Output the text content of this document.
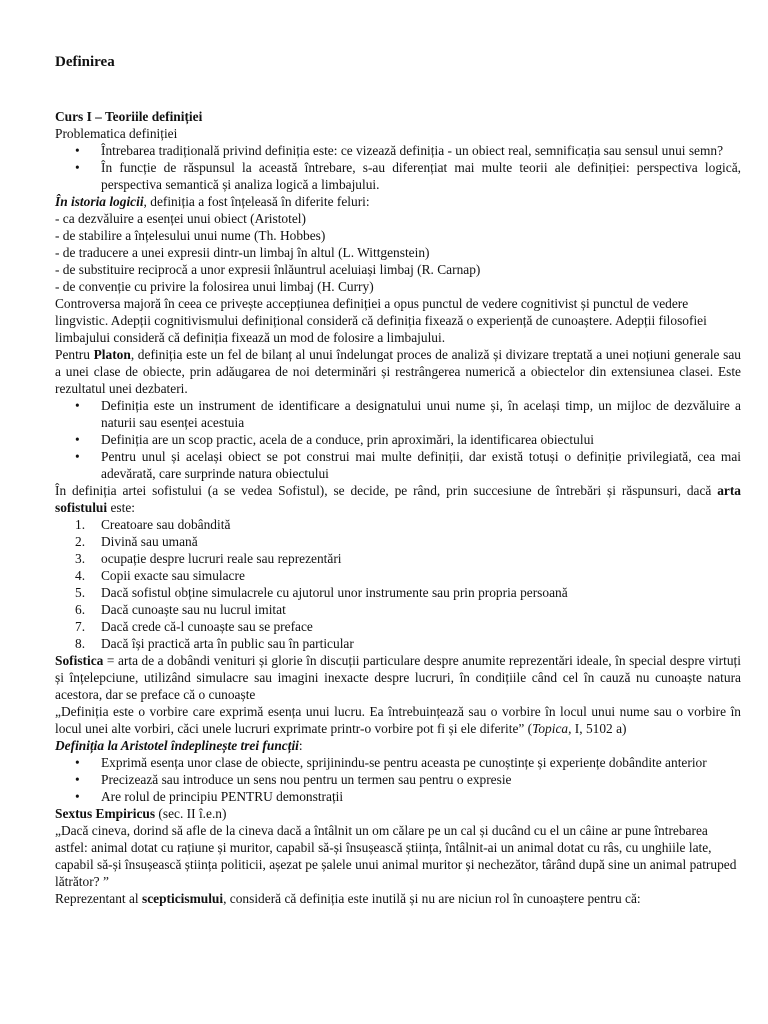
Definirea

Curs I – Teoriile definiției

Problematica definiției

• Întrebarea tradițională privind definiția este: ce vizează definiția - un obiect real, semnificația sau sensul unui semn?
• În funcție de răspunsul la această întrebare, s-au diferențiat mai multe teorii ale definiției: perspectiva logică, perspectiva semantică și analiza logică a limbajului.

În istoria logicii, definiția a fost înțeleasă în diferite feluri:

- ca dezvăluire a esenței unui obiect (Aristotel)

- de stabilire a înțelesului unui nume (Th. Hobbes)

- de traducere a unei expresii dintr-un limbaj în altul (L. Wittgenstein)

- de substituire reciprocă a unor expresii înlăuntrul aceluiași limbaj (R. Carnap)

- de convenție cu privire la folosirea unui limbaj (H. Curry)

Controversa majoră în ceea ce privește accepțiunea definiției a opus punctul de vedere cognitivist și punctul de vedere lingvistic. Adepții cognitivismului definițional consideră că definiția fixează o experiență de cunoaștere. Adepții filosofiei limbajului consideră că definiția fixează un mod de folosire a limbajului.

Pentru Platon, definiția este un fel de bilanț al unui îndelungat proces de analiză și divizare treptată a unei noțiuni generale sau a unei clase de obiecte, prin adăugarea de noi determinări și restrângerea numerică a obiectelor din extensiunea clasei. Este rezultatul unei dezbateri.

• Definiția este un instrument de identificare a designatului unui nume și, în același timp, un mijloc de dezvăluire a naturii sau esenței acestuia
• Definiția are un scop practic, acela de a conduce, prin aproximări, la identificarea obiectului
• Pentru unul și același obiect se pot construi mai multe definiții, dar există totuși o definiție privilegiată, cea mai adevărată, care surprinde natura obiectului

În definiția artei sofistului (a se vedea Sofistul), se decide, pe rând, prin succesiune de întrebări și răspunsuri, dacă arta sofistului este:

1.	Creatoare sau dobândită
2.	Divină sau umană
3.	ocupație despre lucruri reale sau reprezentări
4.	Copii exacte sau simulacre
5.	Dacă sofistul obține simulacrele cu ajutorul unor instrumente sau prin propria persoană
6.	Dacă cunoaște sau nu lucrul imitat
7.	Dacă crede că-l cunoaște sau se preface
8.	Dacă își practică arta în public sau în particular

Sofistica = arta de a dobândi venituri și glorie în discuții particulare despre anumite reprezentări ideale, în special despre virtuți și înțelepciune, utilizând simulacre sau imagini inexacte despre lucruri, în condițiile când cel în cauză nu cunoaște natura acestora, dar se preface că o cunoaște

„Definiția este o vorbire care exprimă esența unui lucru. Ea întrebuințează sau o vorbire în locul unui nume sau o vorbire în locul unei alte vorbiri, căci unele lucruri exprimate printr-o vorbire pot fi și ele diferite” (Topica, I, 5102 a)

Definiția la Aristotel îndeplinește trei funcții:

• Exprimă esența unor clase de obiecte, sprijinindu-se pentru aceasta pe cunoștințe și experiențe dobândite anterior
• Precizează sau introduce un sens nou pentru un termen sau pentru o expresie
• Are rolul de principiu PENTRU demonstrații

Sextus Empiricus (sec. II î.e.n)

„Dacă cineva, dorind să afle de la cineva dacă a întâlnit un om călare pe un cal și ducând cu el un câine ar pune întrebarea astfel: animal dotat cu rațiune și muritor, capabil să-și însușească știința, întâlnit-ai un animal dotat cu râs, cu unghiile late, capabil să-și însușească știința politicii, așezat pe șalele unui animal muritor și nechezător, târând după sine un animal patruped lătrător? ”

Reprezentant al scepticismului, consideră că definiția este inutilă și nu are niciun rol în cunoaștere pentru că:
